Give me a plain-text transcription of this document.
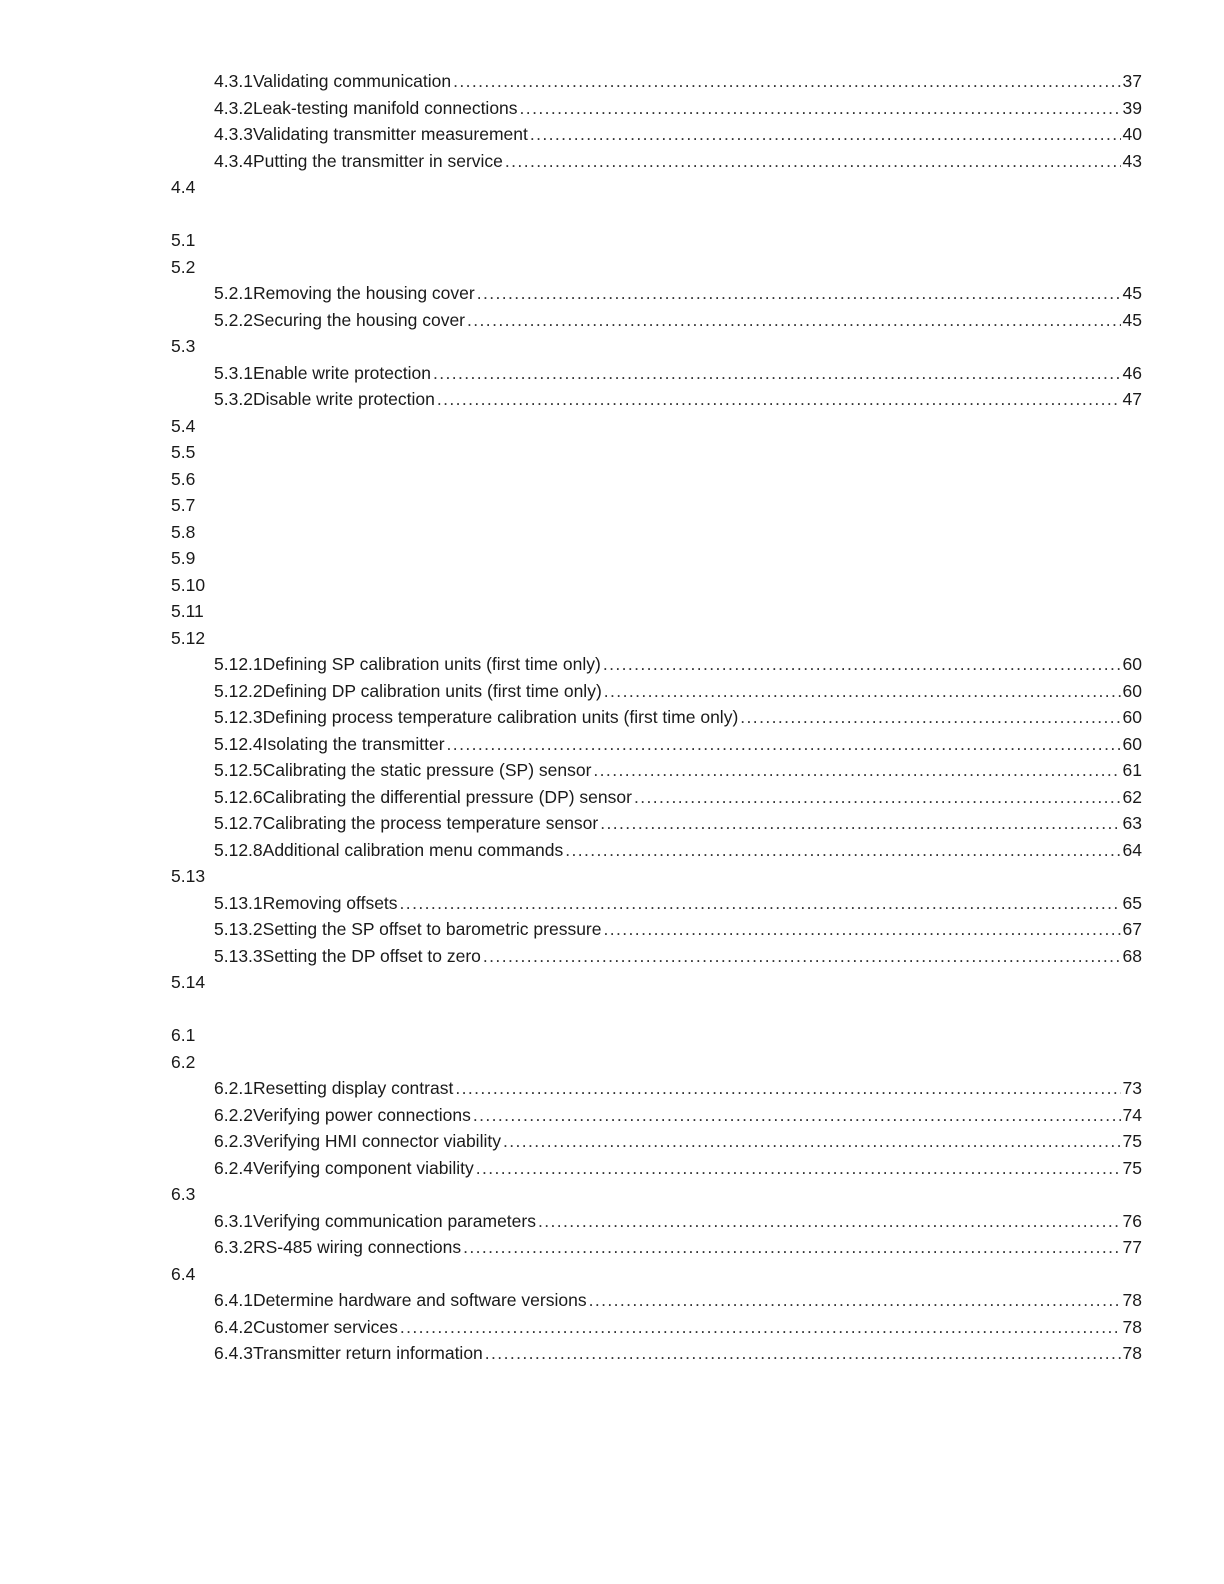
4.3.1 Validating communication .....	37
4.3.2 Leak-testing manifold connections .....	39
4.3.3 Validating transmitter measurement .....	40
4.3.4 Putting the transmitter in service .....	43
4.4
5.1
5.2
5.2.1 Removing the housing cover .....	45
5.2.2 Securing the housing cover .....	45
5.3
5.3.1 Enable write protection .....	46
5.3.2 Disable write protection .....	47
5.4
5.5
5.6
5.7
5.8
5.9
5.10
5.11
5.12
5.12.1 Defining SP calibration units (first time only) .....	60
5.12.2 Defining DP calibration units (first time only) .....	60
5.12.3 Defining process temperature calibration units (first time only) .....	60
5.12.4 Isolating the transmitter .....	60
5.12.5 Calibrating the static pressure (SP) sensor .....	61
5.12.6 Calibrating the differential pressure (DP) sensor .....	62
5.12.7 Calibrating the process temperature sensor .....	63
5.12.8 Additional calibration menu commands .....	64
5.13
5.13.1 Removing offsets .....	65
5.13.2 Setting the SP offset to barometric pressure .....	67
5.13.3 Setting the DP offset to zero .....	68
5.14
6.1
6.2
6.2.1 Resetting display contrast .....	73
6.2.2 Verifying power connections .....	74
6.2.3 Verifying HMI connector viability .....	75
6.2.4 Verifying component viability .....	75
6.3
6.3.1 Verifying communication parameters .....	76
6.3.2 RS-485 wiring connections .....	77
6.4
6.4.1 Determine hardware and software versions .....	78
6.4.2 Customer services .....	78
6.4.3 Transmitter return information .....	78
